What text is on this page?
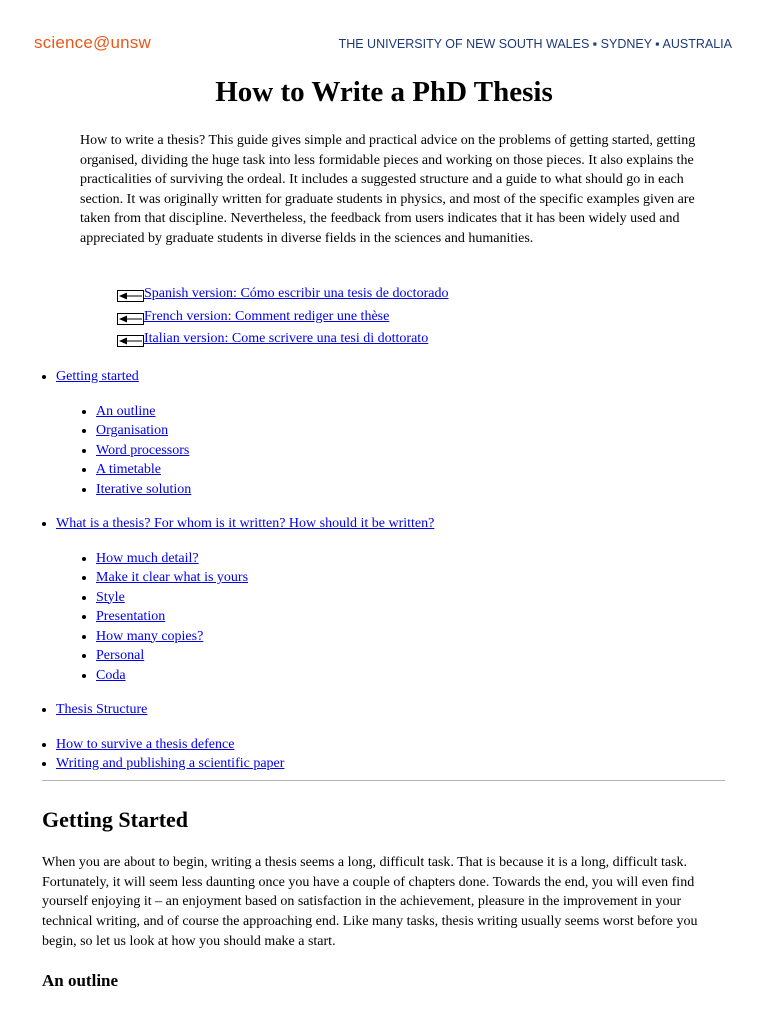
science@unsw	THE UNIVERSITY OF NEW SOUTH WALES ▪ SYDNEY ▪ AUSTRALIA
How to Write a PhD Thesis

How to write a thesis? This guide gives simple and practical advice on the problems of getting started, getting organised, dividing the huge task into less formidable pieces and working on those pieces. It also explains the practicalities of surviving the ordeal. It includes a suggested structure and a guide to what should go in each section. It was originally written for graduate students in physics, and most of the specific examples given are taken from that discipline. Nevertheless, the feedback from users indicates that it has been widely used and appreciated by graduate students in diverse fields in the sciences and humanities.

Spanish version: Cómo escribir una tesis de doctorado
French version: Comment rediger une thèse
Italian version: Come scrivere una tesi di dottorato
• Getting started
• An outline
• Organisation
• Word processors
• A timetable
• Iterative solution
• What is a thesis? For whom is it written? How should it be written?
• How much detail?
• Make it clear what is yours
• Style
• Presentation
• How many copies?
• Personal
• Coda
• Thesis Structure
• How to survive a thesis defence
• Writing and publishing a scientific paper
Getting Started

When you are about to begin, writing a thesis seems a long, difficult task. That is because it is a long, difficult task. Fortunately, it will seem less daunting once you have a couple of chapters done. Towards the end, you will even find yourself enjoying it – an enjoyment based on satisfaction in the achievement, pleasure in the improvement in your technical writing, and of course the approaching end. Like many tasks, thesis writing usually seems worst before you begin, so let us look at how you should make a start.

An outline
